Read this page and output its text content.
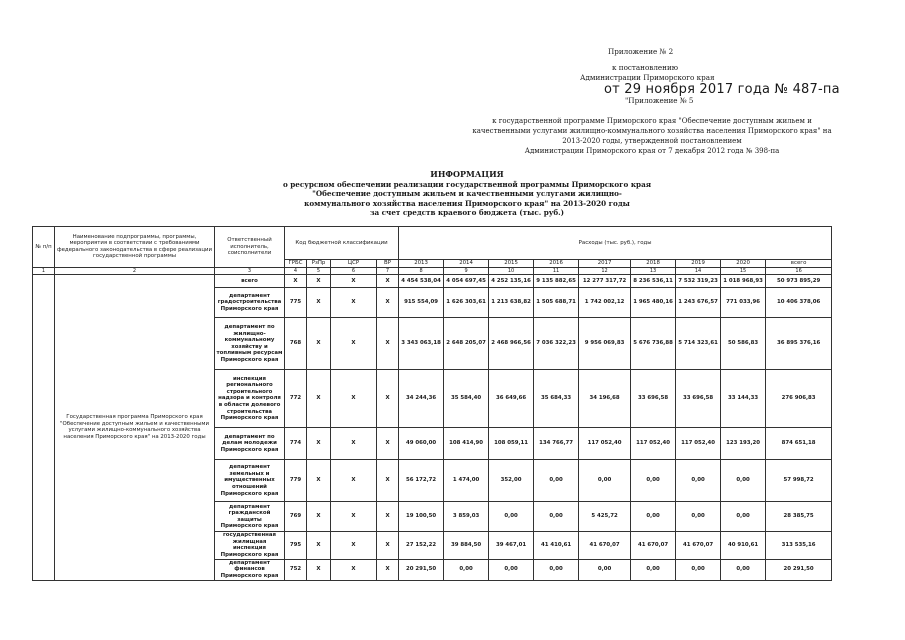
Приложение № 2
к постановлению
Администрации Приморского края
от 29 ноября 2017 года № 487-па
"Приложение № 5
к государственной программе Приморского края "Обеспечение доступным жильем и
качественными услугами жилищно-коммунального хозяйства населения Приморского края" на
2013-2020 годы, утвержденной постановлением
Администрации Приморского края от 7 декабря 2012 года № 398-па
ИНФОРМАЦИЯ
о ресурсном обеспечении реализации государственной программы Приморского края
"Обеспечение доступным жильем и качественными услугами жилищно-
коммунального хозяйства населения Приморского края" на 2013-2020 годы
за счет средств краевого бюджета (тыс. руб.)
№ п/п	Наименование подпрограммы, программы, мероприятия в соответствии с требованиями федерального законодательства в сфере реализации государственной программы	Ответственный исполнитель, соисполнители	Код бюджетной классификации				Расходы (тыс. руб.), годы								
			ГРБС	РзПр	ЦСР	ВР	2013	2014	2015	2016	2017	2018	2019	2020	всего
1	2	3	4	5	6	7	8	9	10	11	12	13	14	15	16
	Государственная программа Приморского края "Обеспечение доступным жильем и качественными услугами жилищно-коммунального хозяйства населения Приморского края" на 2013-2020 годы	всего	X	X	X	X	4 454 538,04	4 054 697,45	4 252 135,16	9 135 882,65	12 277 317,72	8 236 536,11	7 532 319,23	1 018 968,93	50 973 895,29
		департамент градостроительства Приморского края	775	X	X	X	915 554,09	1 626 303,61	1 213 638,82	1 505 688,71	1 742 002,12	1 965 480,16	1 243 676,57	771 033,96	10 406 378,06
		департамент по жилищно-коммунальному хозяйству и топливным ресурсам Приморского края	768	X	X	X	3 343 063,18	2 648 205,07	2 468 966,56	7 036 322,23	9 956 069,83	5 676 736,88	5 714 323,61	50 586,83	36 895 376,16
		инспекция регионального строительного надзора и контроля в области долевого строительства Приморского края	772	X	X	X	34 244,36	35 584,40	36 649,66	35 684,33	34 196,68	33 696,58	33 696,58	33 144,33	276 906,83
		департамент по делам молодежи Приморского края	774	X	X	X	49 060,00	108 414,90	108 059,11	134 766,77	117 052,40	117 052,40	117 052,40	123 193,20	874 651,18
		департамент земельных и имущественных отношений Приморского края	779	X	X	X	56 172,72	1 474,00	352,00	0,00	0,00	0,00	0,00	0,00	57 998,72
		департамент гражданской защиты Приморского края	769	X	X	X	19 100,50	3 859,03	0,00	0,00	5 425,72	0,00	0,00	0,00	28 385,75
		государственная жилищная инспекция Приморского края	795	X	X	X	27 152,22	39 884,50	39 467,01	41 410,61	41 670,07	41 670,07	41 670,07	40 910,61	313 535,16
		департамент финансов Приморского края	752	X	X	X	20 291,50	0,00	0,00	0,00	0,00	0,00	0,00	0,00	20 291,50
